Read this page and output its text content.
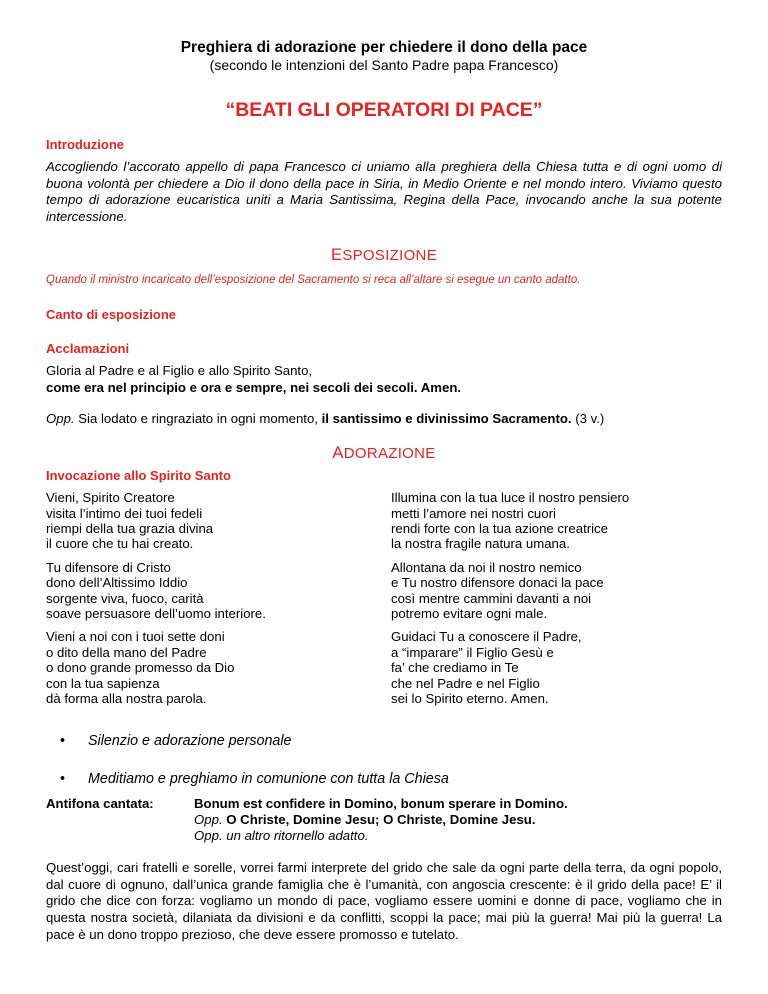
Preghiera di adorazione per chiedere il dono della pace

(secondo le intenzioni del Santo Padre papa Francesco)

“BEATI GLI OPERATORI DI PACE”

Introduzione

Accogliendo l’accorato appello di papa Francesco ci uniamo alla preghiera della Chiesa tutta e di ogni uomo di buona volontà per chiedere a Dio il dono della pace in Siria, in Medio Oriente e nel mondo intero. Viviamo questo tempo di adorazione eucaristica uniti a Maria Santissima, Regina della Pace, invocando anche la sua potente intercessione.

ESPOSIZIONE

Quando il ministro incaricato dell’esposizione del Sacramento si reca all’altare si esegue un canto adatto.

Canto di esposizione

Acclamazioni

Gloria al Padre e al Figlio e allo Spirito Santo,

come era nel principio e ora e sempre, nei secoli dei secoli. Amen.

Opp. Sia lodato e ringraziato in ogni momento, il santissimo e divinissimo Sacramento. (3 v.)

ADORAZIONE

Invocazione allo Spirito Santo

Vieni, Spirito Creatore
visita l’intimo dei tuoi fedeli
riempi della tua grazia divina
il cuore che tu hai creato.

Tu difensore di Cristo
dono dell’Altissimo Iddio
sorgente viva, fuoco, carità
soave persuasore dell’uomo interiore.

Vieni a noi con i tuoi sette doni
o dito della mano del Padre
o dono grande promesso da Dio
con la tua sapienza
dà forma alla nostra parola.

Illumina con la tua luce il nostro pensiero
metti l’amore nei nostri cuori
rendi forte con la tua azione creatrice
la nostra fragile natura umana.

Allontana da noi il nostro nemico
e Tu nostro difensore donaci la pace
così mentre cammini davanti a noi
potremo evitare ogni male.

Guidaci Tu a conoscere il Padre,
a “imparare” il Figlio Gesù e
fa’ che crediamo in Te
che nel Padre e nel Figlio
sei lo Spirito eterno. Amen.

•	Silenzio e adorazione personale
•	Meditiamo e preghiamo in comunione con tutta la Chiesa
Antifona cantata:	Bonum est confidere in Domino, bonum sperare in Domino.
Opp. O Christe, Domine Jesu; O Christe, Domine Jesu.
Opp. un altro ritornello adatto.

Quest’oggi, cari fratelli e sorelle, vorrei farmi interprete del grido che sale da ogni parte della terra, da ogni popolo, dal cuore di ognuno, dall’unica grande famiglia che è l’umanità, con angoscia crescente: è il grido della pace! E’ il grido che dice con forza: vogliamo un mondo di pace, vogliamo essere uomini e donne di pace, vogliamo che in questa nostra società, dilaniata da divisioni e da conflitti, scoppi la pace; mai più la guerra! Mai più la guerra! La pace è un dono troppo prezioso, che deve essere promosso e tutelato.
